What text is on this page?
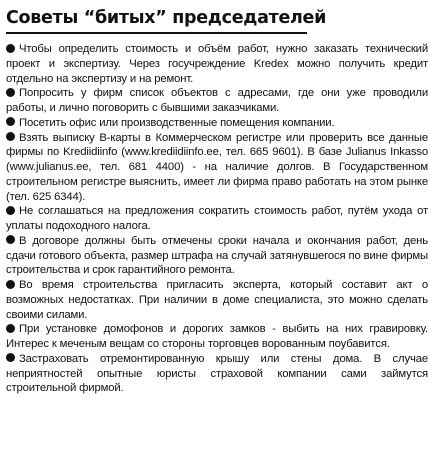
Советы “битых” председателей
Чтобы определить стоимость и объём работ, нужно заказать технический проект и экспертизу. Через госучреждение Kredex можно получить кредит отдельно на экспертизу и на ремонт.
Попросить у фирм список объектов с адресами, где они уже проводили работы, и лично поговорить с бывшими заказчиками.
Посетить офис или производственные помещения компании.
Взять выписку В-карты в Коммерческом регистре или проверить все данные фирмы по Krediidiinfo (www.krediidiinfo.ee, тел. 665 9601). В базе Julianus Inkasso (www.julianus.ee, тел. 681 4400) - на наличие долгов. В Государственном строительном регистре выяснить, имеет ли фирма право работать на этом рынке (тел. 625 6344).
Не соглашаться на предложения сократить стоимость работ, путём ухода от уплаты подоходного налога.
В договоре должны быть отмечены сроки начала и окончания работ, день сдачи готового объекта, размер штрафа на случай затянувшегося по вине фирмы строительства и срок гарантийного ремонта.
Во время строительства пригласить эксперта, который составит акт о возможных недостатках. При наличии в доме специалиста, это можно сделать своими силами.
При установке домофонов и дорогих замков - выбить на них гравировку. Интерес к меченым вещам со стороны торговцев ворованным поубавится.
Застраховать отремонтированную крышу или стены дома. В случае неприятностей опытные юристы страховой компании сами займутся строительной фирмой.
